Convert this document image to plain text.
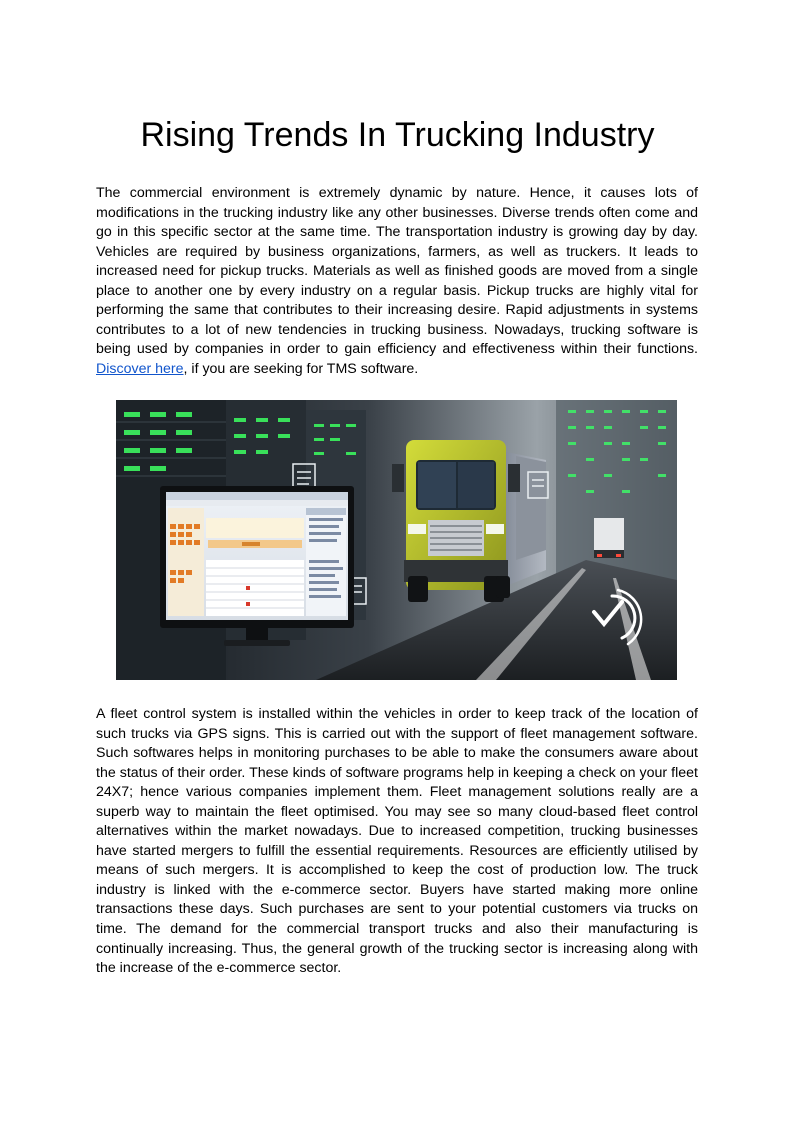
Rising Trends In Trucking Industry

The commercial environment is extremely dynamic by nature. Hence, it causes lots of modifications in the trucking industry like any other businesses. Diverse trends often come and go in this specific sector at the same time. The transportation industry is growing day by day. Vehicles are required by business organizations, farmers, as well as truckers. It leads to increased need for pickup trucks. Materials as well as finished goods are moved from a single place to another one by every industry on a regular basis. Pickup trucks are highly vital for performing the same that contributes to their increasing desire. Rapid adjustments in systems contributes to a lot of new tendencies in trucking business. Nowadays, trucking software is being used by companies in order to gain efficiency and effectiveness within their functions. Discover here, if you are seeking for TMS software.

A fleet control system is installed within the vehicles in order to keep track of the location of such trucks via GPS signs. This is carried out with the support of fleet management software. Such softwares helps in monitoring purchases to be able to make the consumers aware about the status of their order. These kinds of software programs help in keeping a check on your fleet 24X7; hence various companies implement them. Fleet management solutions really are a superb way to maintain the fleet optimised. You may see so many cloud-based fleet control alternatives within the market nowadays. Due to increased competition, trucking businesses have started mergers to fulfill the essential requirements. Resources are efficiently utilised by means of such mergers. It is accomplished to keep the cost of production low. The truck industry is linked with the e-commerce sector. Buyers have started making more online transactions these days. Such purchases are sent to your potential customers via trucks on time. The demand for the commercial transport trucks and also their manufacturing is continually increasing. Thus, the general growth of the trucking sector is increasing along with the increase of the e-commerce sector.
